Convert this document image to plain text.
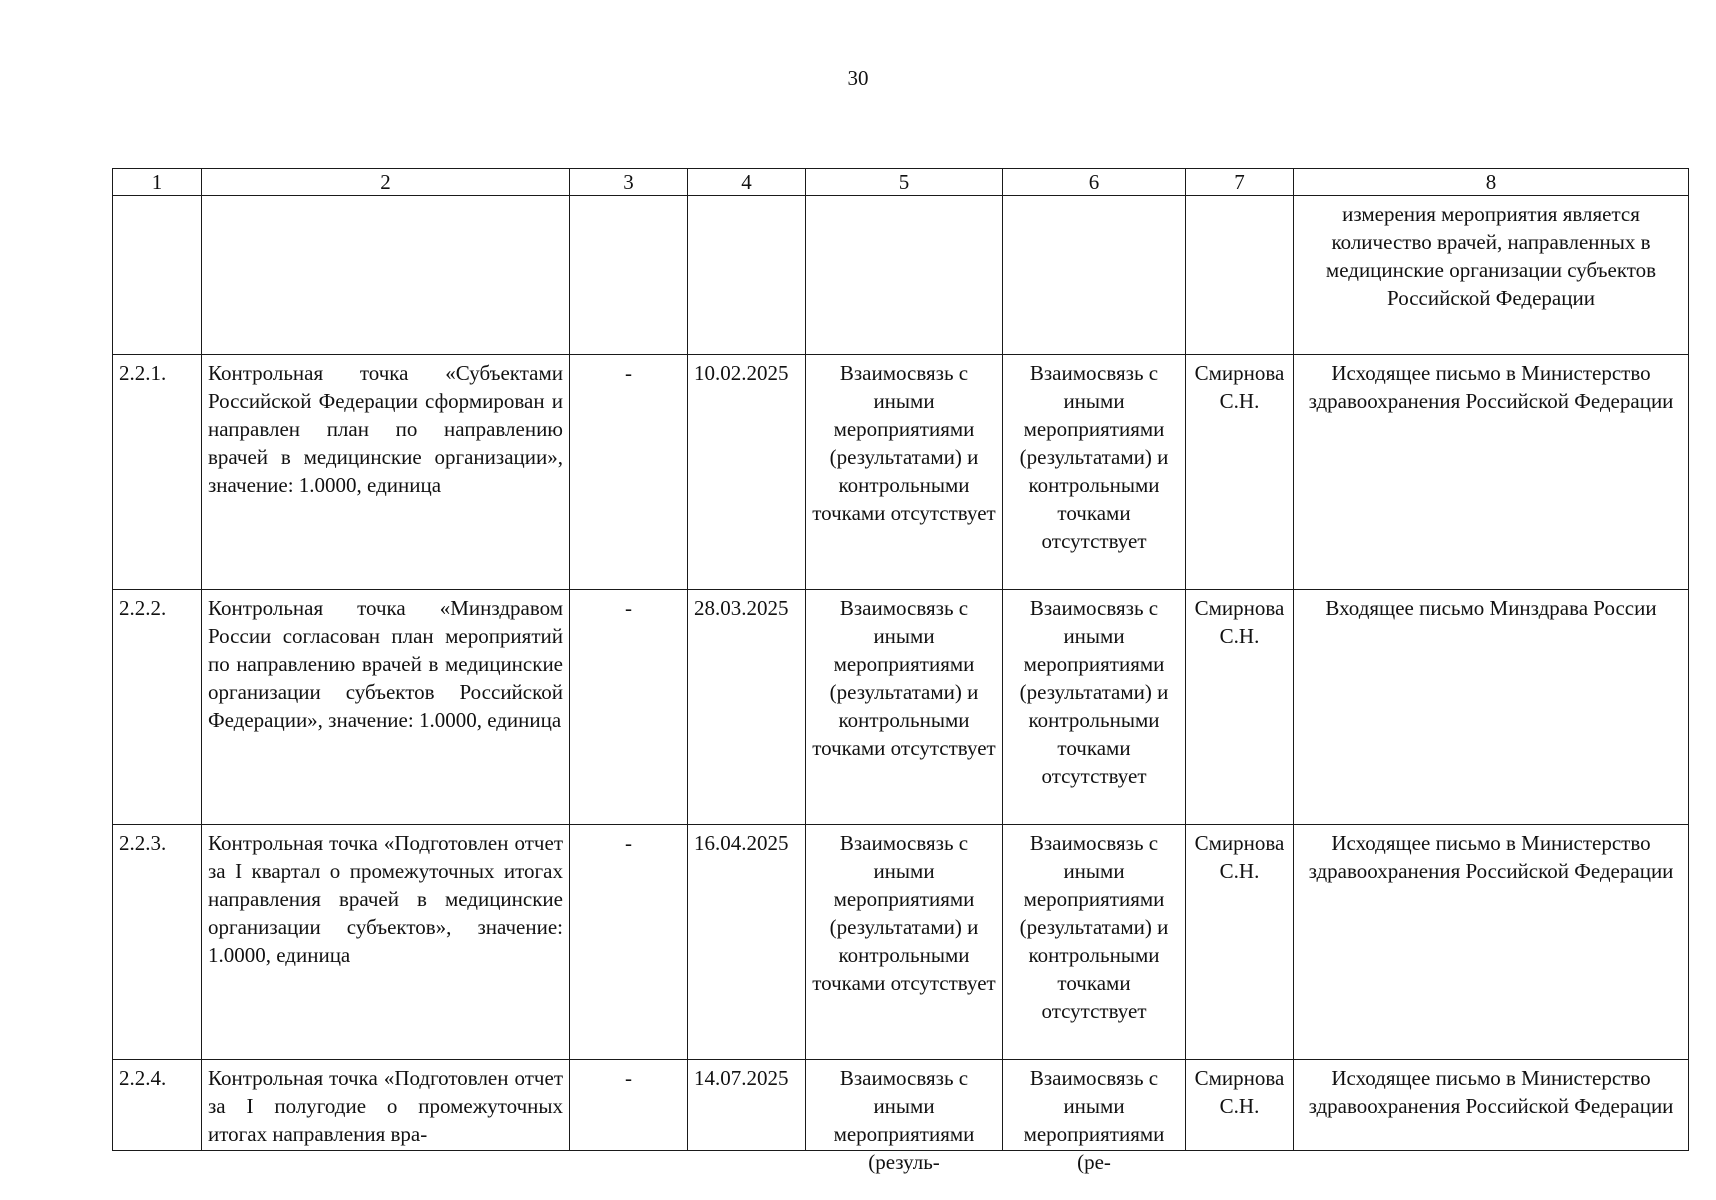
30
1	2	3	4	5	6	7	8
							измерения мероприятия является количество врачей, направленных в медицинские организации субъектов Российской Федерации
2.2.1.	Контрольная точка «Субъектами Российской Федерации сформирован и направлен план по направлению врачей в медицинские организации», значение: 1.0000, единица	-	10.02.2025	Взаимосвязь с иными мероприятиями (результатами) и контрольными точками отсутствует	Взаимосвязь с иными мероприятиями (результатами) и контрольными точками отсутствует	Смирнова С.Н.	Исходящее письмо в Министерство здравоохранения Российской Федерации
2.2.2.	Контрольная точка «Минздравом России согласован план мероприятий по направлению врачей в медицинские организации субъектов Российской Федерации», значение: 1.0000, единица	-	28.03.2025	Взаимосвязь с иными мероприятиями (результатами) и контрольными точками отсутствует	Взаимосвязь с иными мероприятиями (результатами) и контрольными точками отсутствует	Смирнова С.Н.	Входящее письмо Минздрава России
2.2.3.	Контрольная точка «Подготовлен отчет за I квартал о промежуточных итогах направления врачей в медицинские организации субъектов», значение: 1.0000, единица	-	16.04.2025	Взаимосвязь с иными мероприятиями (результатами) и контрольными точками отсутствует	Взаимосвязь с иными мероприятиями (результатами) и контрольными точками отсутствует	Смирнова С.Н.	Исходящее письмо в Министерство здравоохранения Российской Федерации

2.2.4.	Контрольная точка «Подготовлен отчет за I полугодие о промежуточных итогах направления вра-	-	14.07.2025	Взаимосвязь с иными мероприятиями (резуль-	Взаимосвязь с иными мероприятиями (ре-	Смирнова С.Н.	Исходящее письмо в Министерство здравоохранения Российской Федерации
